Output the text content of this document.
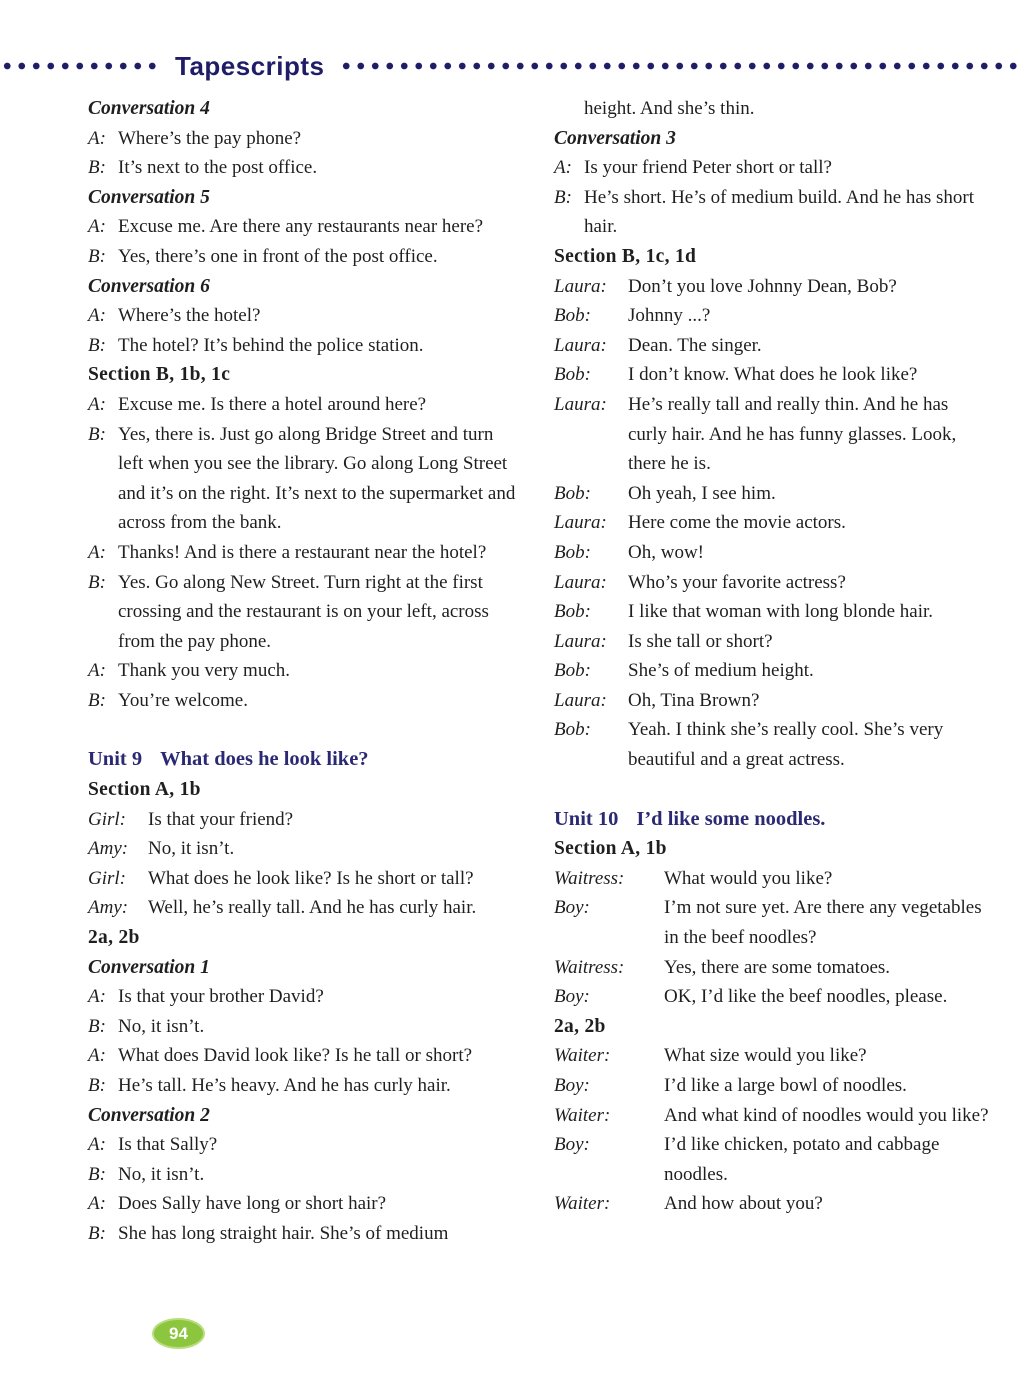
Tapescripts
Conversation 4
A: Where’s the pay phone?
B: It’s next to the post office.
Conversation 5
A: Excuse me. Are there any restaurants near here?
B: Yes, there’s one in front of the post office.
Conversation 6
A: Where’s the hotel?
B: The hotel? It’s behind the police station.
Section B, 1b, 1c
A: Excuse me. Is there a hotel around here?
B: Yes, there is. Just go along Bridge Street and turn left when you see the library. Go along Long Street and it’s on the right. It’s next to the supermarket and across from the bank.
A: Thanks! And is there a restaurant near the hotel?
B: Yes. Go along New Street. Turn right at the first crossing and the restaurant is on your left, across from the pay phone.
A: Thank you very much.
B: You’re welcome.
Unit 9 What does he look like?
Section A, 1b
Girl:	Is that your friend?
Amy:	No, it isn’t.
Girl:	What does he look like? Is he short or tall?
Amy:	Well, he’s really tall. And he has curly hair.
2a, 2b
Conversation 1
A: Is that your brother David?
B: No, it isn’t.
A: What does David look like? Is he tall or short?
B: He’s tall. He’s heavy. And he has curly hair.
Conversation 2
A: Is that Sally?
B: No, it isn’t.
A: Does Sally have long or short hair?
B: She has long straight hair. She’s of medium
height. And she’s thin.
Conversation 3
A: Is your friend Peter short or tall?
B: He’s short. He’s of medium build. And he has short hair.
Section B, 1c, 1d
Laura:	Don’t you love Johnny Dean, Bob?
Bob:	Johnny ...?
Laura:	Dean. The singer.
Bob:	I don’t know. What does he look like?
Laura:	He’s really tall and really thin. And he has curly hair. And he has funny glasses. Look, there he is.
Bob:	Oh yeah, I see him.
Laura:	Here come the movie actors.
Bob:	Oh, wow!
Laura:	Who’s your favorite actress?
Bob:	I like that woman with long blonde hair.
Laura:	Is she tall or short?
Bob:	She’s of medium height.
Laura:	Oh, Tina Brown?
Bob:	Yeah. I think she’s really cool. She’s very beautiful and a great actress.
Unit 10 I’d like some noodles.
Section A, 1b
Waitress:	What would you like?
Boy:	I’m not sure yet. Are there any vegetables in the beef noodles?
Waitress:	Yes, there are some tomatoes.
Boy:	OK, I’d like the beef noodles, please.
2a, 2b
Waiter:	What size would you like?
Boy:	I’d like a large bowl of noodles.
Waiter:	And what kind of noodles would you like?
Boy:	I’d like chicken, potato and cabbage noodles.
Waiter:	And how about you?
94
